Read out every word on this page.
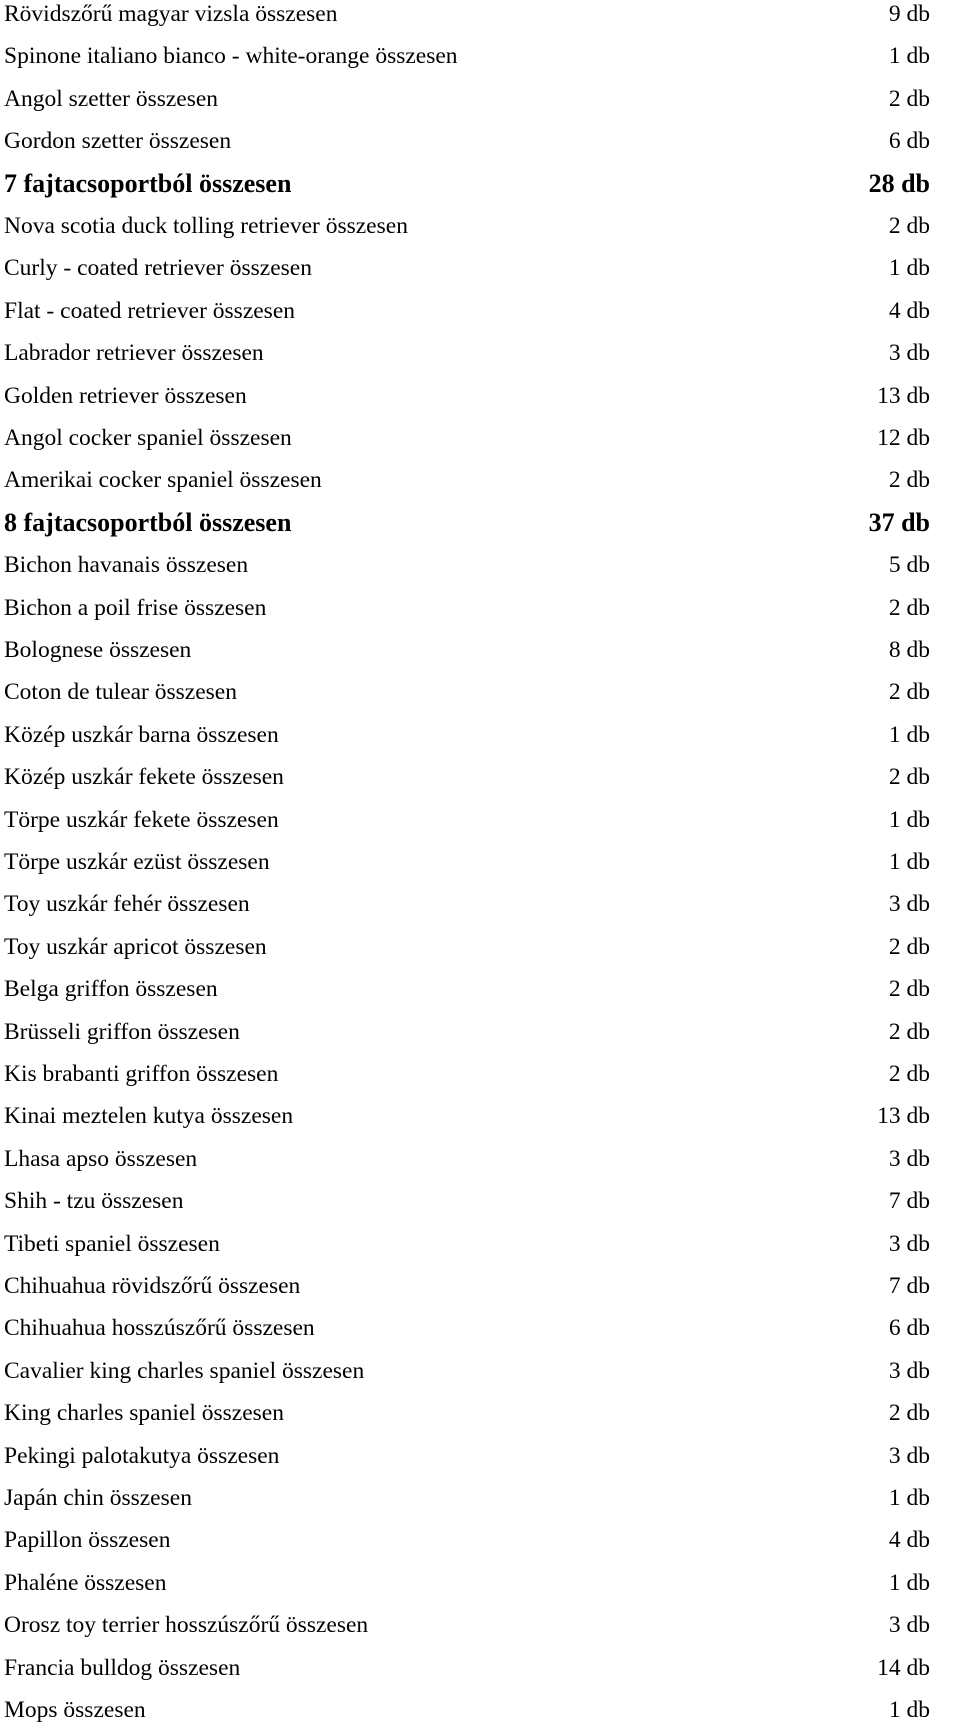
Rövidszőrű magyar vizsla összesen	9 db
Spinone italiano bianco - white-orange összesen	1 db
Angol szetter összesen	2 db
Gordon szetter összesen	6 db
7 fajtacsoportból összesen	28 db
Nova scotia duck tolling retriever összesen	2 db
Curly - coated retriever összesen	1 db
Flat - coated retriever összesen	4 db
Labrador retriever összesen	3 db
Golden retriever összesen	13 db
Angol cocker spaniel összesen	12 db
Amerikai cocker spaniel összesen	2 db
8 fajtacsoportból összesen	37 db
Bichon havanais összesen	5 db
Bichon a poil frise összesen	2 db
Bolognese összesen	8 db
Coton de tulear összesen	2 db
Közép uszkár barna összesen	1 db
Közép uszkár fekete összesen	2 db
Törpe uszkár fekete összesen	1 db
Törpe uszkár ezüst összesen	1 db
Toy uszkár fehér összesen	3 db
Toy uszkár apricot összesen	2 db
Belga griffon összesen	2 db
Brüsseli griffon összesen	2 db
Kis brabanti griffon összesen	2 db
Kinai meztelen kutya összesen	13 db
Lhasa apso összesen	3 db
Shih - tzu összesen	7 db
Tibeti spaniel összesen	3 db
Chihuahua rövidszőrű összesen	7 db
Chihuahua hosszúszőrű összesen	6 db
Cavalier king charles spaniel összesen	3 db
King charles spaniel összesen	2 db
Pekingi palotakutya összesen	3 db
Japán chin összesen	1 db
Papillon összesen	4 db
Phaléne összesen	1 db
Orosz toy terrier hosszúszőrű összesen	3 db
Francia bulldog összesen	14 db
Mops összesen	1 db
